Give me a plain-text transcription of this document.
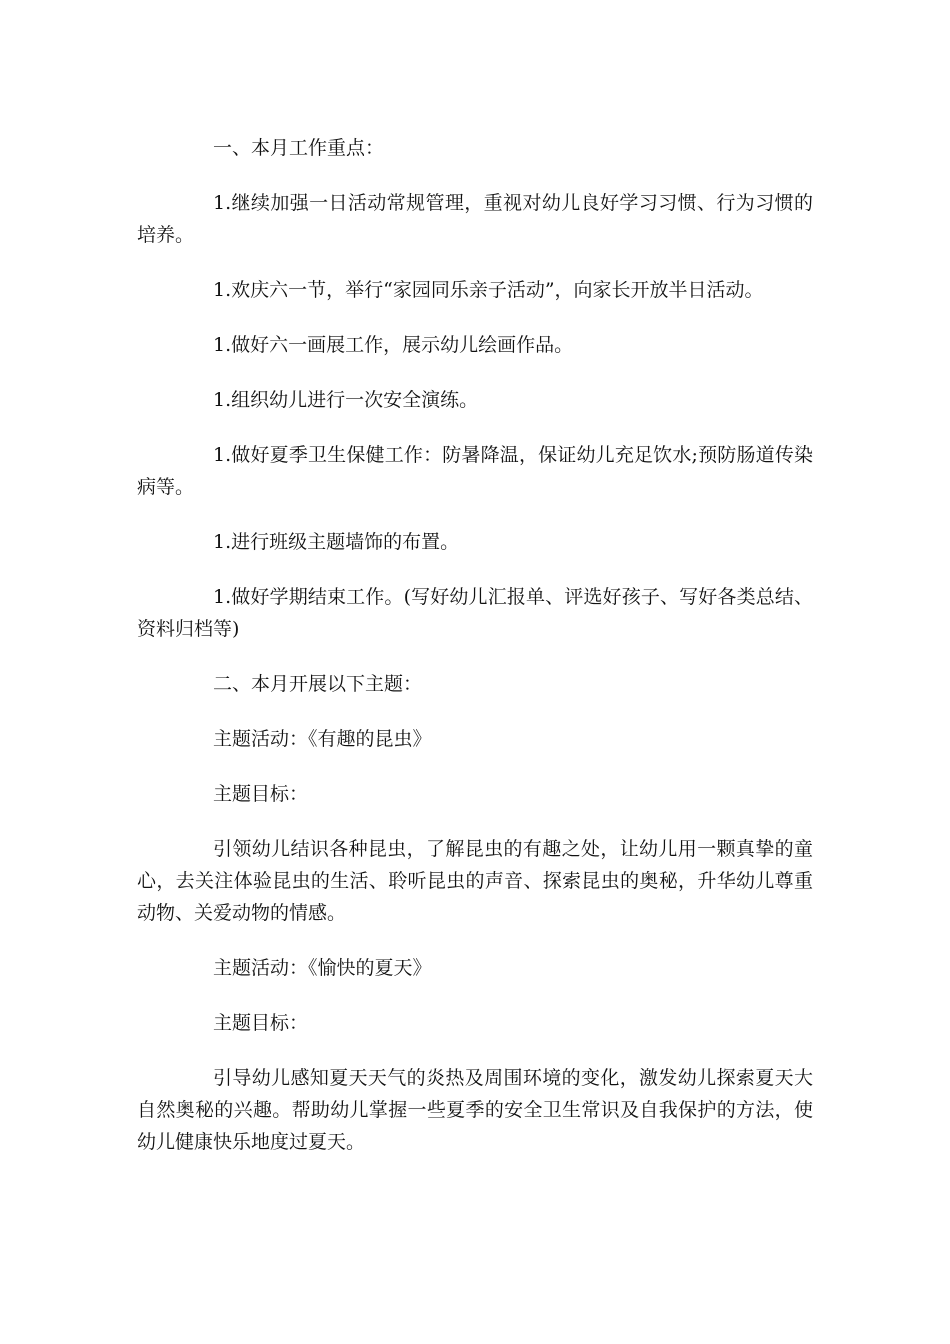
一、本月工作重点：

1.继续加强一日活动常规管理，重视对幼儿良好学习习惯、行为习惯的培养。

1.欢庆六一节，举行“家园同乐亲子活动”，向家长开放半日活动。

1.做好六一画展工作，展示幼儿绘画作品。

1.组织幼儿进行一次安全演练。

1.做好夏季卫生保健工作：防暑降温，保证幼儿充足饮水;预防肠道传染病等。

1.进行班级主题墙饰的布置。

1.做好学期结束工作。(写好幼儿汇报单、评选好孩子、写好各类总结、资料归档等)

二、本月开展以下主题：

主题活动：《有趣的昆虫》

主题目标：

引领幼儿结识各种昆虫，了解昆虫的有趣之处，让幼儿用一颗真挚的童心，去关注体验昆虫的生活、聆听昆虫的声音、探索昆虫的奥秘，升华幼儿尊重动物、关爱动物的情感。

主题活动：《愉快的夏天》

主题目标：

引导幼儿感知夏天天气的炎热及周围环境的变化，激发幼儿探索夏天大自然奥秘的兴趣。帮助幼儿掌握一些夏季的安全卫生常识及自我保护的方法，使幼儿健康快乐地度过夏天。
